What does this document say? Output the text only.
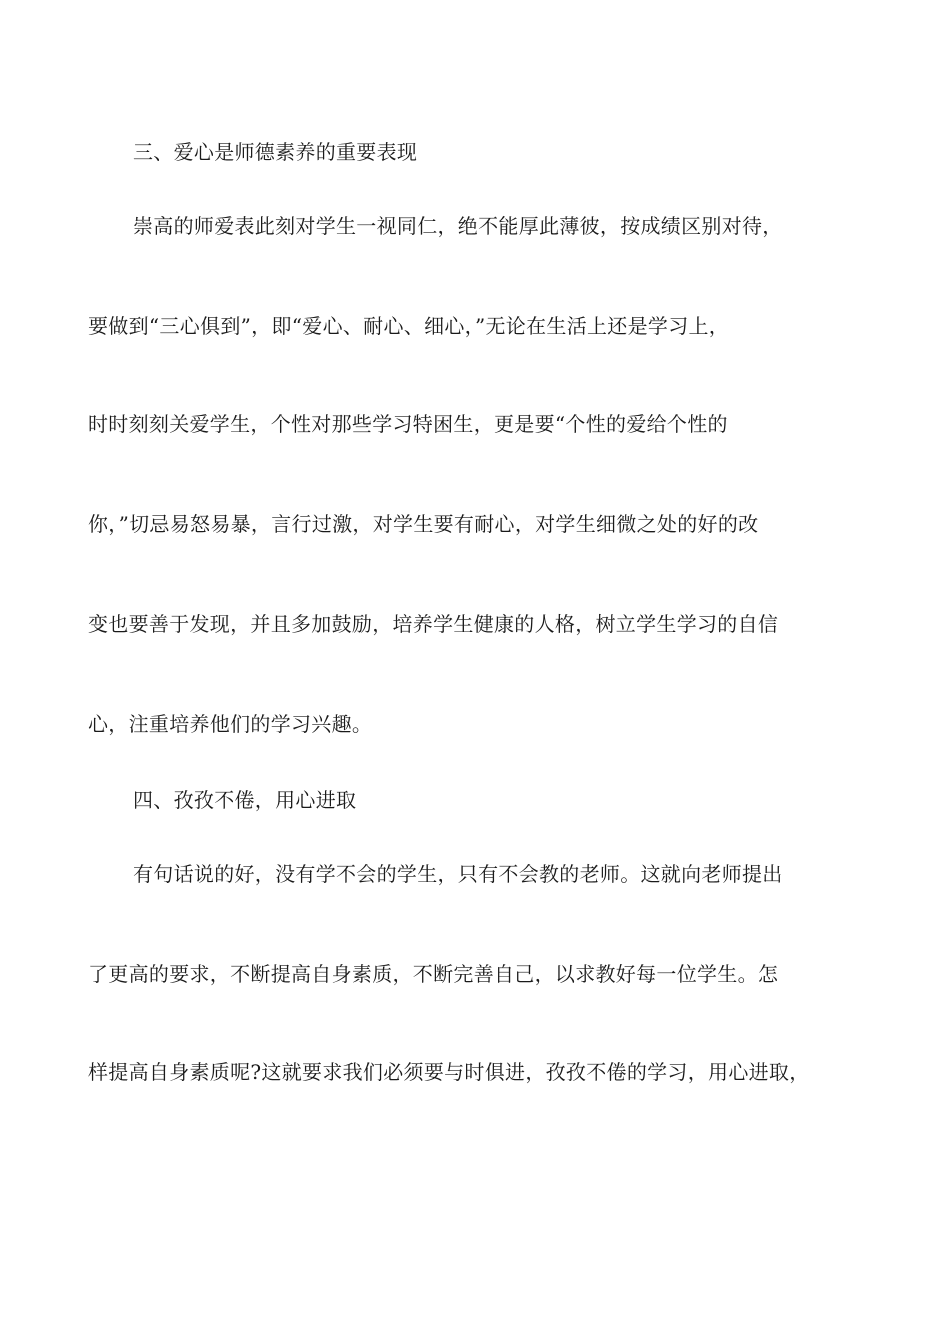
三、爱心是师德素养的重要表现
崇高的师爱表此刻对学生一视同仁，绝不能厚此薄彼，按成绩区别对待，
要做到“三心俱到”，即“爱心、耐心、细心，”无论在生活上还是学习上，
时时刻刻关爱学生，个性对那些学习特困生，更是要“个性的爱给个性的
你，”切忌易怒易暴，言行过激，对学生要有耐心，对学生细微之处的好的改
变也要善于发现，并且多加鼓励，培养学生健康的人格，树立学生学习的自信
心，注重培养他们的学习兴趣。
四、孜孜不倦，用心进取
有句话说的好，没有学不会的学生，只有不会教的老师。这就向老师提出
了更高的要求，不断提高自身素质，不断完善自己，以求教好每一位学生。怎
样提高自身素质呢?这就要求我们必须要与时俱进，孜孜不倦的学习，用心进取，
